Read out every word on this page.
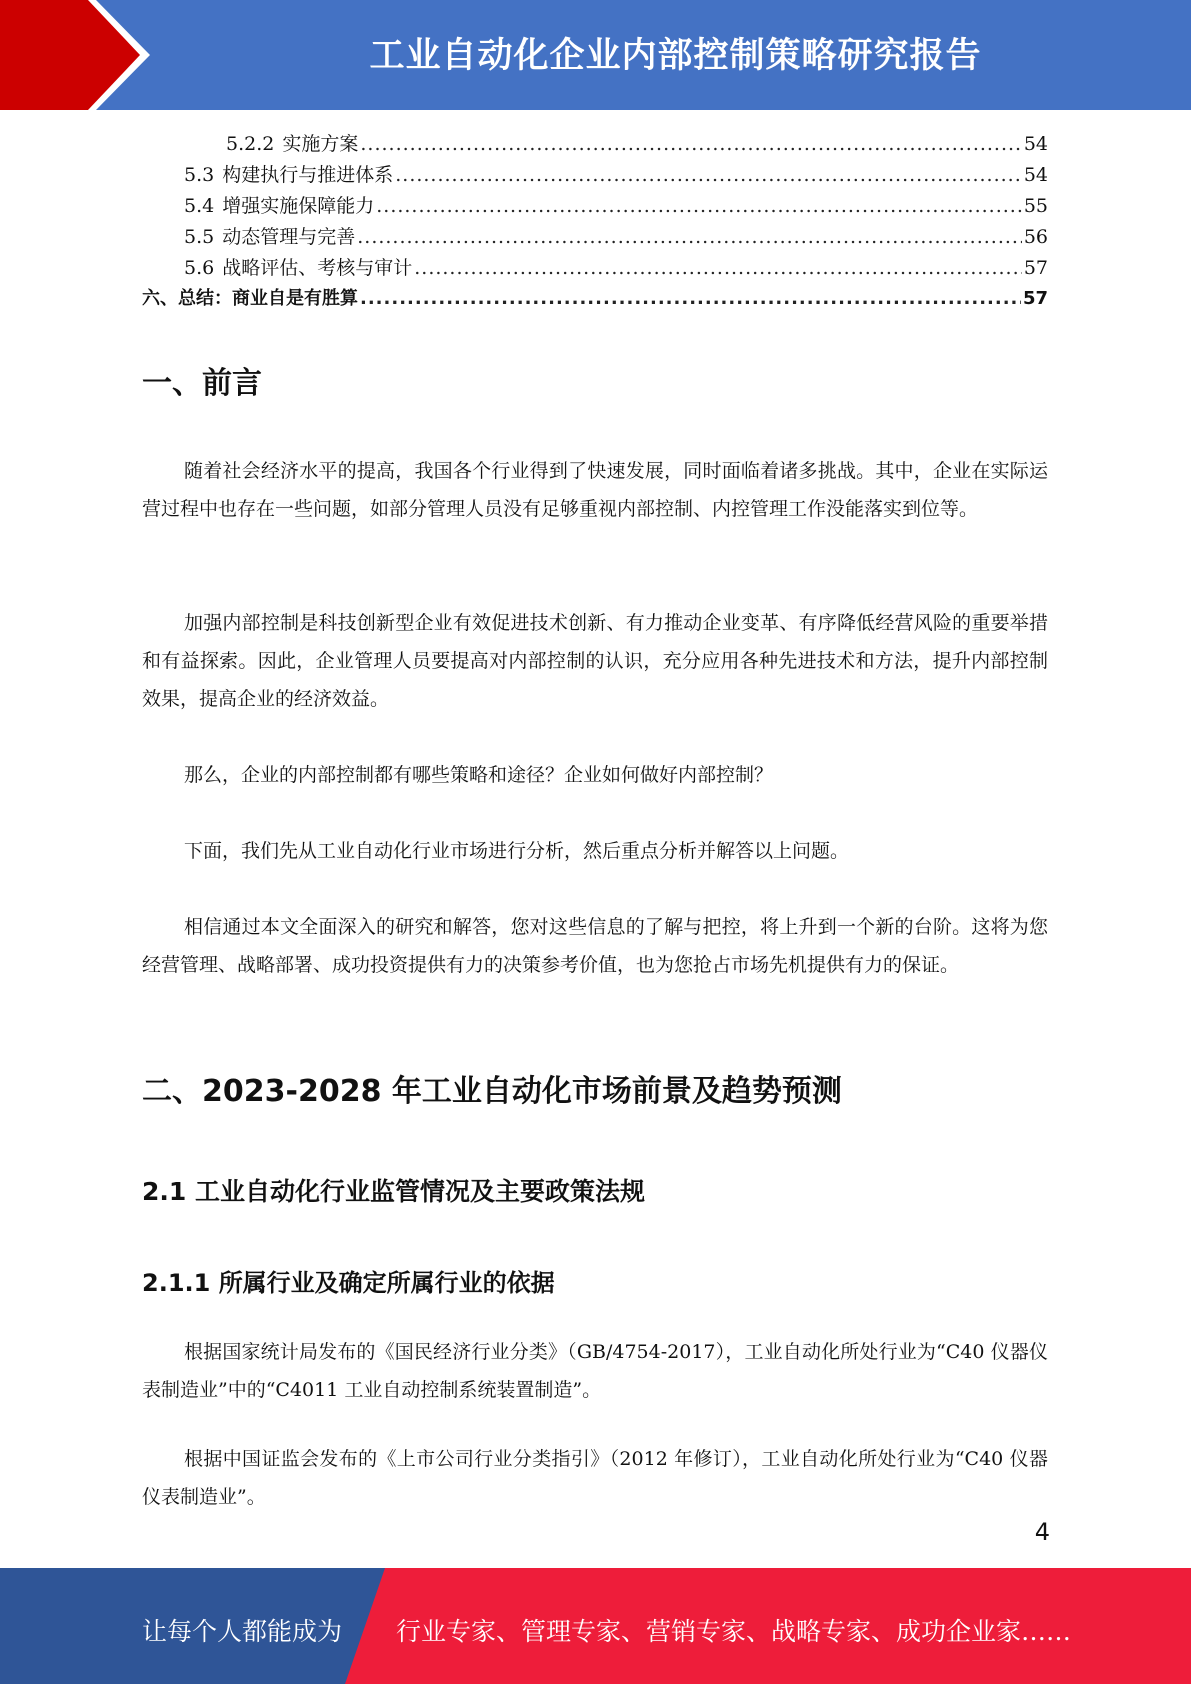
工业自动化企业内部控制策略研究报告
5.2.2 实施方案 .....	54
5.3 构建执行与推进体系 .....	54
5.4 增强实施保障能力 .....	55
5.5 动态管理与完善 .....	56
5.6 战略评估、考核与审计 .....	57
六、总结：商业自是有胜算 .....	57
一、前言

随着社会经济水平的提高，我国各个行业得到了快速发展，同时面临着诸多挑战。其中，企业在实际运营过程中也存在一些问题，如部分管理人员没有足够重视内部控制、内控管理工作没能落实到位等。

加强内部控制是科技创新型企业有效促进技术创新、有力推动企业变革、有序降低经营风险的重要举措和有益探索。因此，企业管理人员要提高对内部控制的认识，充分应用各种先进技术和方法，提升内部控制效果，提高企业的经济效益。

那么，企业的内部控制都有哪些策略和途径？企业如何做好内部控制？

下面，我们先从工业自动化行业市场进行分析，然后重点分析并解答以上问题。

相信通过本文全面深入的研究和解答，您对这些信息的了解与把控，将上升到一个新的台阶。这将为您经营管理、战略部署、成功投资提供有力的决策参考价值，也为您抢占市场先机提供有力的保证。

二、2023-2028 年工业自动化市场前景及趋势预测
2.1 工业自动化行业监管情况及主要政策法规
2.1.1 所属行业及确定所属行业的依据

根据国家统计局发布的《国民经济行业分类》（GB/4754-2017），工业自动化所处行业为“C40 仪器仪表制造业”中的“C4011 工业自动控制系统装置制造”。

根据中国证监会发布的《上市公司行业分类指引》（2012 年修订），工业自动化所处行业为“C40 仪器仪表制造业”。

4
让每个人都能成为 行业专家、管理专家、营销专家、战略专家、成功企业家……
